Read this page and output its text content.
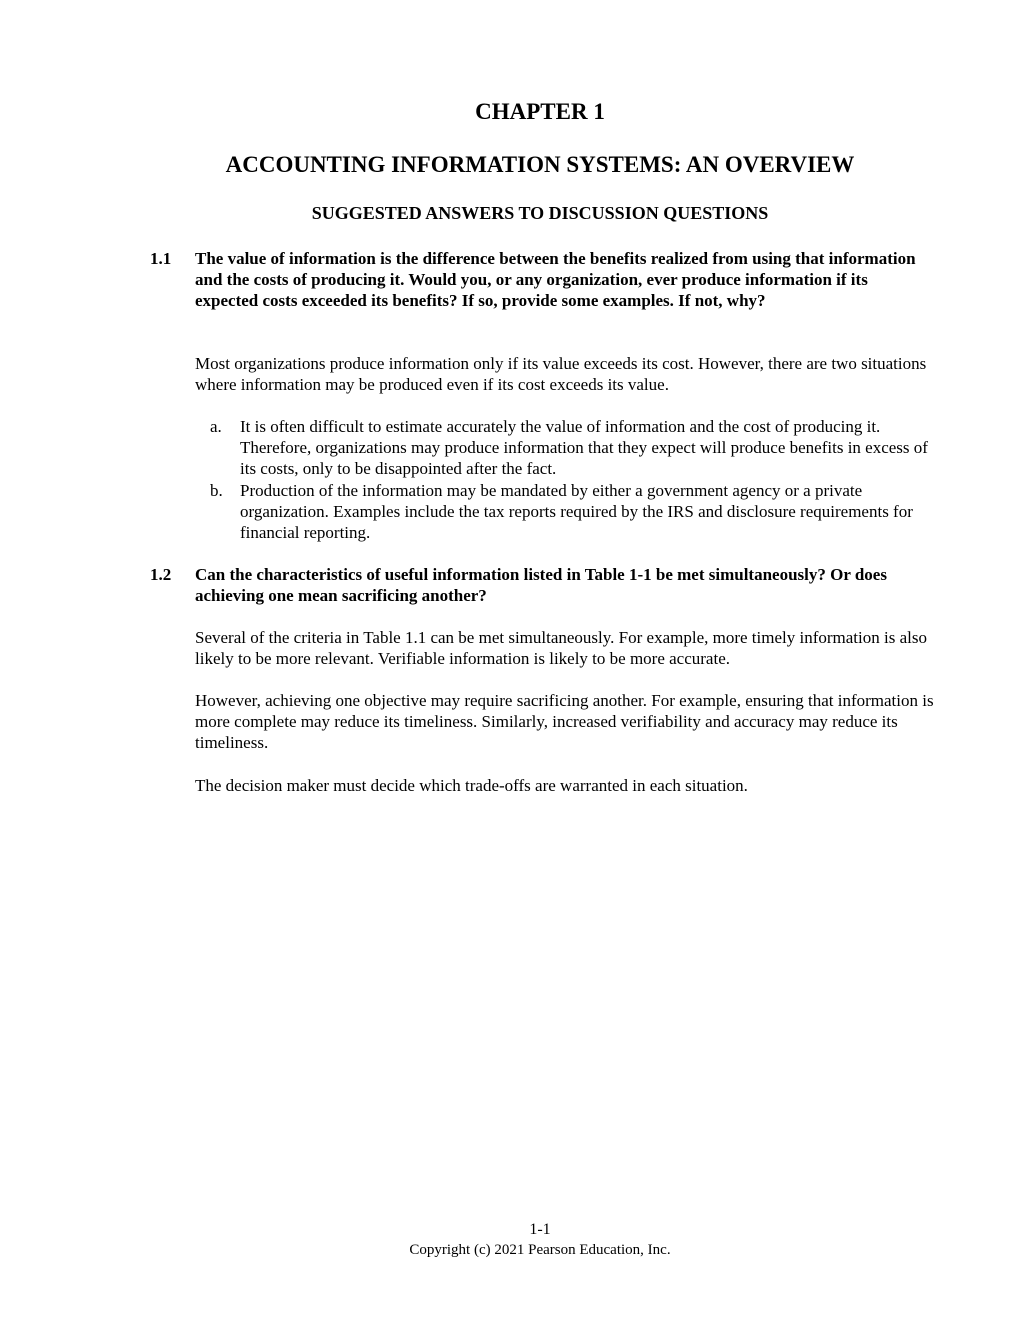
CHAPTER 1
ACCOUNTING INFORMATION SYSTEMS: AN OVERVIEW
SUGGESTED ANSWERS TO DISCUSSION QUESTIONS
1.1 The value of information is the difference between the benefits realized from using that information and the costs of producing it. Would you, or any organization, ever produce information if its expected costs exceeded its benefits? If so, provide some examples. If not, why?
Most organizations produce information only if its value exceeds its cost. However, there are two situations where information may be produced even if its cost exceeds its value.
a. It is often difficult to estimate accurately the value of information and the cost of producing it. Therefore, organizations may produce information that they expect will produce benefits in excess of its costs, only to be disappointed after the fact.
b. Production of the information may be mandated by either a government agency or a private organization. Examples include the tax reports required by the IRS and disclosure requirements for financial reporting.
1.2 Can the characteristics of useful information listed in Table 1-1 be met simultaneously? Or does achieving one mean sacrificing another?
Several of the criteria in Table 1.1 can be met simultaneously. For example, more timely information is also likely to be more relevant. Verifiable information is likely to be more accurate.
However, achieving one objective may require sacrificing another. For example, ensuring that information is more complete may reduce its timeliness. Similarly, increased verifiability and accuracy may reduce its timeliness.
The decision maker must decide which trade-offs are warranted in each situation.
1-1
Copyright (c) 2021 Pearson Education, Inc.
